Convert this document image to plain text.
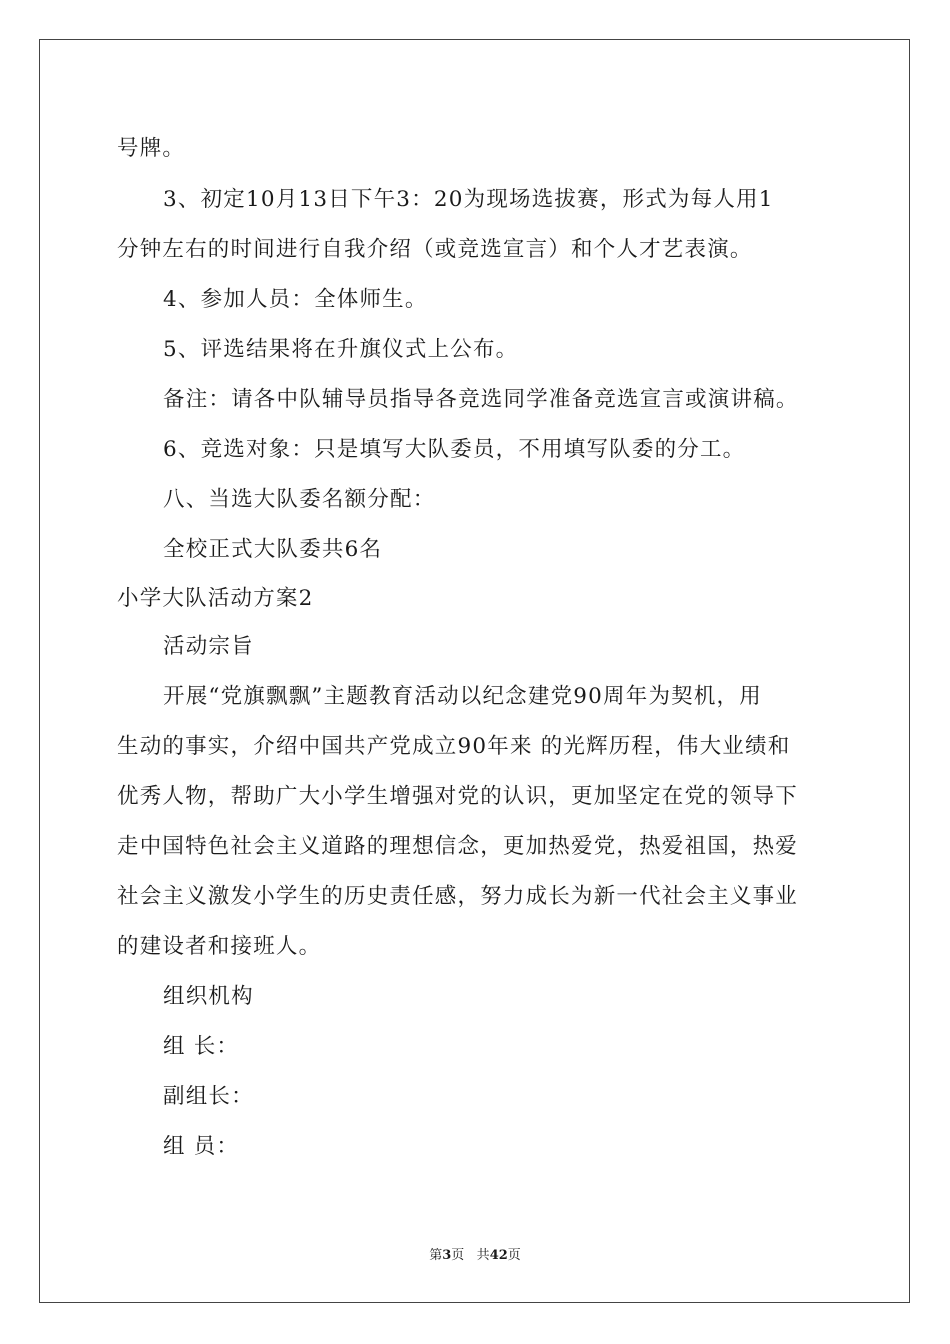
号牌。
3、初定10月13日下午3：20为现场选拔赛，形式为每人用1
分钟左右的时间进行自我介绍（或竞选宣言）和个人才艺表演。
4、参加人员：全体师生。
5、评选结果将在升旗仪式上公布。
备注：请各中队辅导员指导各竞选同学准备竞选宣言或演讲稿。
6、竞选对象：只是填写大队委员，不用填写队委的分工。
八、当选大队委名额分配：
全校正式大队委共6名
小学大队活动方案2
活动宗旨
开展“党旗飘飘”主题教育活动以纪念建党90周年为契机，用
生动的事实，介绍中国共产党成立90年来 的光辉历程，伟大业绩和
优秀人物，帮助广大小学生增强对党的认识，更加坚定在党的领导下
走中国特色社会主义道路的理想信念，更加热爱党，热爱祖国，热爱
社会主义激发小学生的历史责任感，努力成长为新一代社会主义事业
的建设者和接班人。
组织机构
组 长：
副组长：
组 员：
第3页 共42页
